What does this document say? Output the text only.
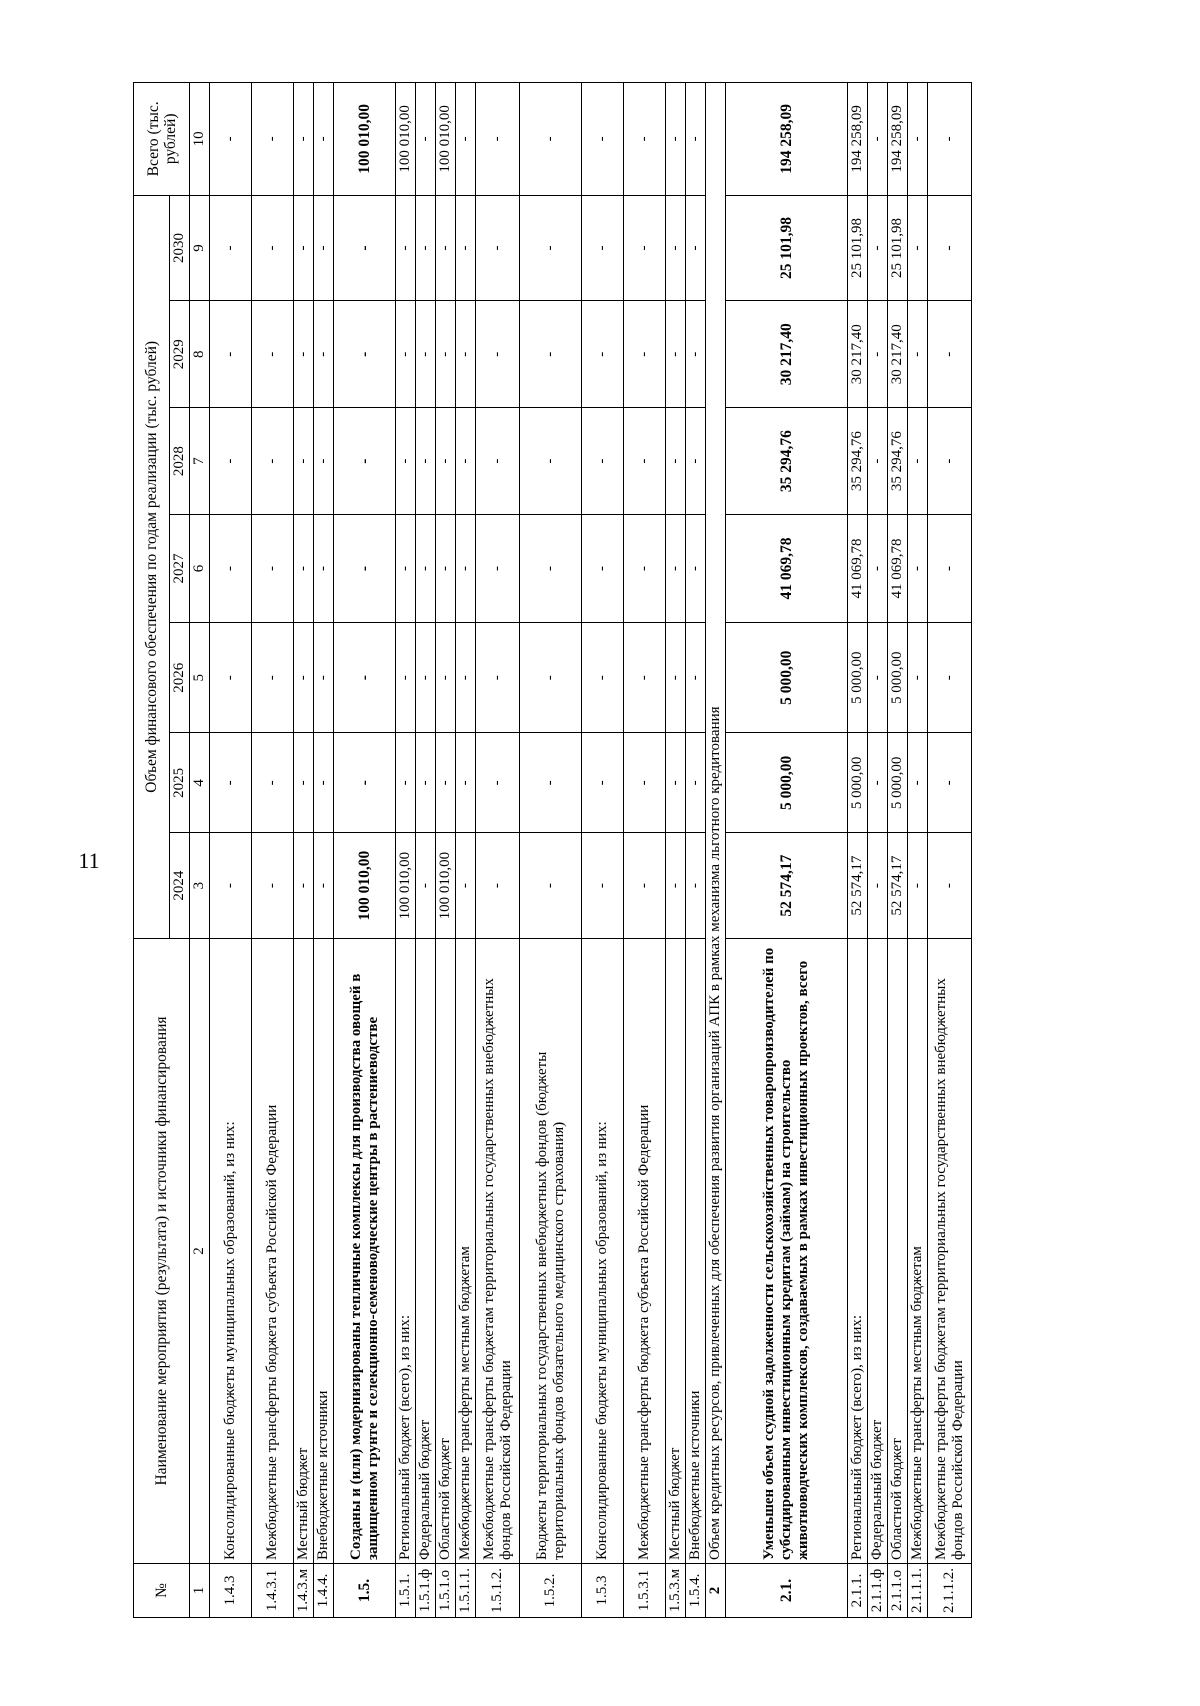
11
№	Наименование мероприятия (результата) и источники финансирования	Объем финансового обеспечения по годам реализации (тыс. рублей)							Всего (тыс. рублей)
		2024	2025	2026	2027	2028	2029	2030	
1	2	3	4	5	6	7	8	9	10
1.4.3	Консолидированные бюджеты муниципальных образований, из них:	-	-	-	-	-	-	-	-
1.4.3.1	Межбюджетные трансферты бюджета субъекта Российской Федерации	-	-	-	-	-	-	-	-
1.4.3.м	Местный бюджет	-	-	-	-	-	-	-	-
1.4.4.	Внебюджетные источники	-	-	-	-	-	-	-	-
1.5.	Созданы и (или) модернизированы тепличные комплексы для производства овощей в защищенном грунте и селекционно-семеноводческие центры в растениеводстве	100 010,00	-	-	-	-	-	-	100 010,00
1.5.1.	Региональный бюджет (всего), из них:	100 010,00	-	-	-	-	-	-	100 010,00
1.5.1.ф	Федеральный бюджет	-	-	-	-	-	-	-	-
1.5.1.о	Областной бюджет	100 010,00	-	-	-	-	-	-	100 010,00
1.5.1.1.	Межбюджетные трансферты местным бюджетам	-	-	-	-	-	-	-	-
1.5.1.2.	Межбюджетные трансферты бюджетам территориальных государственных внебюджетных фондов Российской Федерации	-	-	-	-	-	-	-	-
1.5.2.	Бюджеты территориальных государственных внебюджетных фондов (бюджеты территориальных фондов обязательного медицинского страхования)	-	-	-	-	-	-	-	-
1.5.3	Консолидированные бюджеты муниципальных образований, из них:	-	-	-	-	-	-	-	-
1.5.3.1	Межбюджетные трансферты бюджета субъекта Российской Федерации	-	-	-	-	-	-	-	-
1.5.3.м	Местный бюджет	-	-	-	-	-	-	-	-
1.5.4.	Внебюджетные источники	-	-	-	-	-	-	-	-
2	Объем кредитных ресурсов, привлеченных для обеспечения развития организаций АПК в рамках механизма льготного кредитования								
2.1.	Уменьшен объем ссудной задолженности сельскохозяйственных товаропроизводителей по субсидированным инвестиционным кредитам (займам) на строительство животноводческих комплексов, создаваемых в рамках инвестиционных проектов, всего	52 574,17	5 000,00	5 000,00	41 069,78	35 294,76	30 217,40	25 101,98	194 258,09
2.1.1.	Региональный бюджет (всего), из них:	52 574,17	5 000,00	5 000,00	41 069,78	35 294,76	30 217,40	25 101,98	194 258,09
2.1.1.ф	Федеральный бюджет	-	-	-	-	-	-	-	-
2.1.1.о	Областной бюджет	52 574,17	5 000,00	5 000,00	41 069,78	35 294,76	30 217,40	25 101,98	194 258,09
2.1.1.1.	Межбюджетные трансферты местным бюджетам	-	-	-	-	-	-	-	-
2.1.1.2.	Межбюджетные трансферты бюджетам территориальных государственных внебюджетных фондов Российской Федерации	-	-	-	-	-	-	-	-
